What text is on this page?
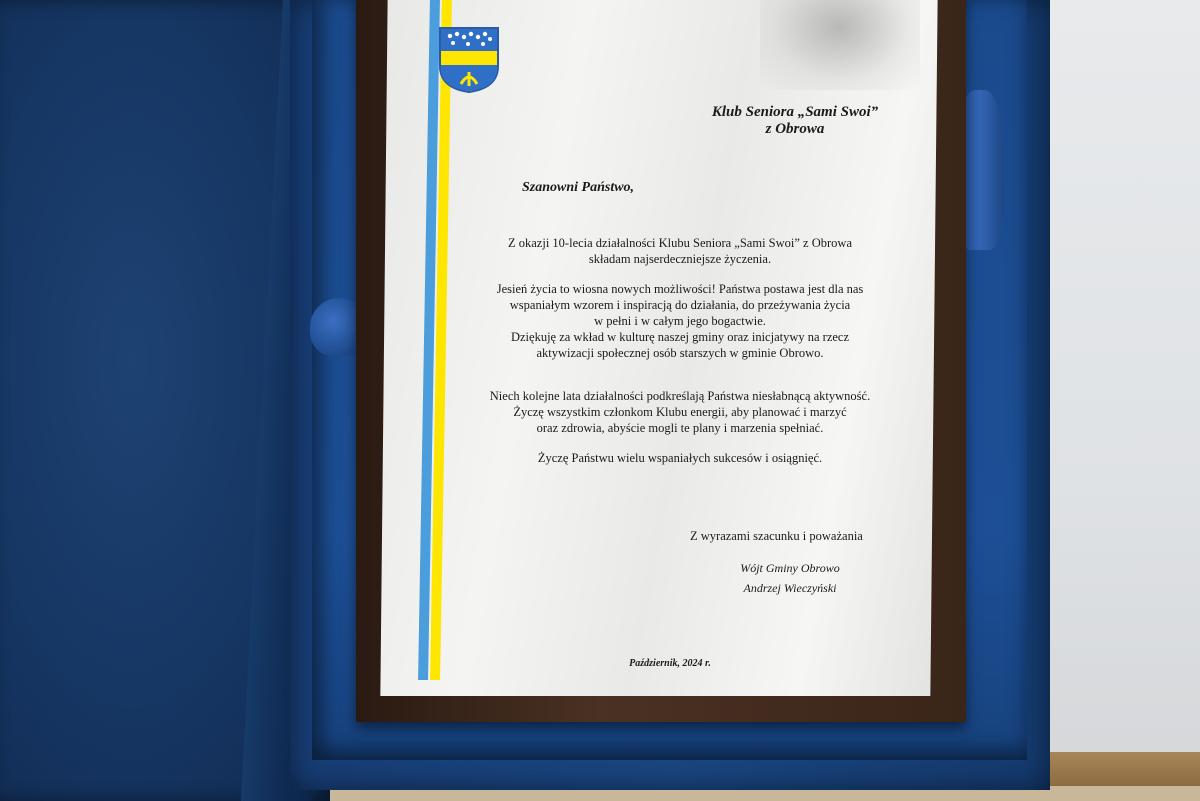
Klub Seniora „Sami Swoi”
z Obrowa
Szanowni Państwo,
Z okazji 10-lecia działalności Klubu Seniora „Sami Swoi” z Obrowa
składam najserdeczniejsze życzenia.
Jesień życia to wiosna nowych możliwości! Państwa postawa jest dla nas
wspaniałym wzorem i inspiracją do działania, do przeżywania życia
w pełni i w całym jego bogactwie.
Dziękuję za wkład w kulturę naszej gminy oraz inicjatywy na rzecz
aktywizacji społecznej osób starszych w gminie Obrowo.
Niech kolejne lata działalności podkreślają Państwa niesłabnącą aktywność.
Życzę wszystkim członkom Klubu energii, aby planować i marzyć
oraz zdrowia, abyście mogli te plany i marzenia spełniać.
Życzę Państwu wielu wspaniałych sukcesów i osiągnięć.
Z wyrazami szacunku i poważania
Wójt Gminy Obrowo
Andrzej Wieczyński
Październik, 2024 r.
